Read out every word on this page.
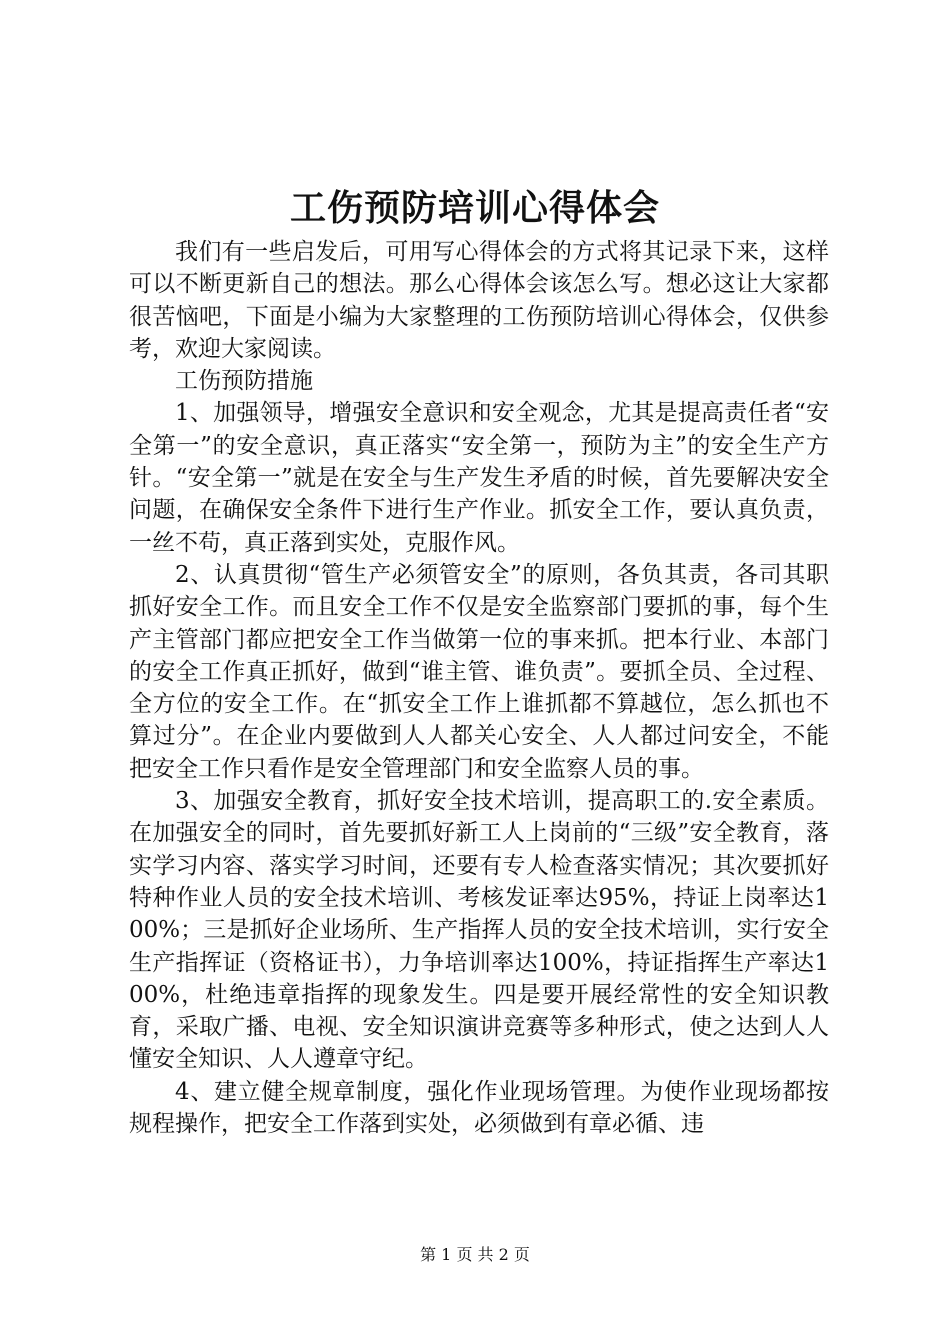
工伤预防培训心得体会

我们有一些启发后，可用写心得体会的方式将其记录下来，这样可以不断更新自己的想法。那么心得体会该怎么写。想必这让大家都很苦恼吧，下面是小编为大家整理的工伤预防培训心得体会，仅供参考，欢迎大家阅读。

工伤预防措施

1、加强领导，增强安全意识和安全观念，尤其是提高责任者“安全第一”的安全意识，真正落实“安全第一，预防为主”的安全生产方针。“安全第一”就是在安全与生产发生矛盾的时候，首先要解决安全问题，在确保安全条件下进行生产作业。抓安全工作，要认真负责，一丝不苟，真正落到实处，克服作风。

2、认真贯彻“管生产必须管安全”的原则，各负其责，各司其职抓好安全工作。而且安全工作不仅是安全监察部门要抓的事，每个生产主管部门都应把安全工作当做第一位的事来抓。把本行业、本部门的安全工作真正抓好，做到“谁主管、谁负责”。要抓全员、全过程、全方位的安全工作。在“抓安全工作上谁抓都不算越位，怎么抓也不算过分”。在企业内要做到人人都关心安全、人人都过问安全，不能把安全工作只看作是安全管理部门和安全监察人员的事。

3、加强安全教育，抓好安全技术培训，提高职工的.安全素质。在加强安全的同时，首先要抓好新工人上岗前的“三级”安全教育，落实学习内容、落实学习时间，还要有专人检查落实情况；其次要抓好特种作业人员的安全技术培训、考核发证率达95%，持证上岗率达100%；三是抓好企业场所、生产指挥人员的安全技术培训，实行安全生产指挥证（资格证书），力争培训率达100%，持证指挥生产率达100%，杜绝违章指挥的现象发生。四是要开展经常性的安全知识教育，采取广播、电视、安全知识演讲竞赛等多种形式，使之达到人人懂安全知识、人人遵章守纪。

4、建立健全规章制度，强化作业现场管理。为使作业现场都按规程操作，把安全工作落到实处，必须做到有章必循、违

第 1 页 共 2 页
